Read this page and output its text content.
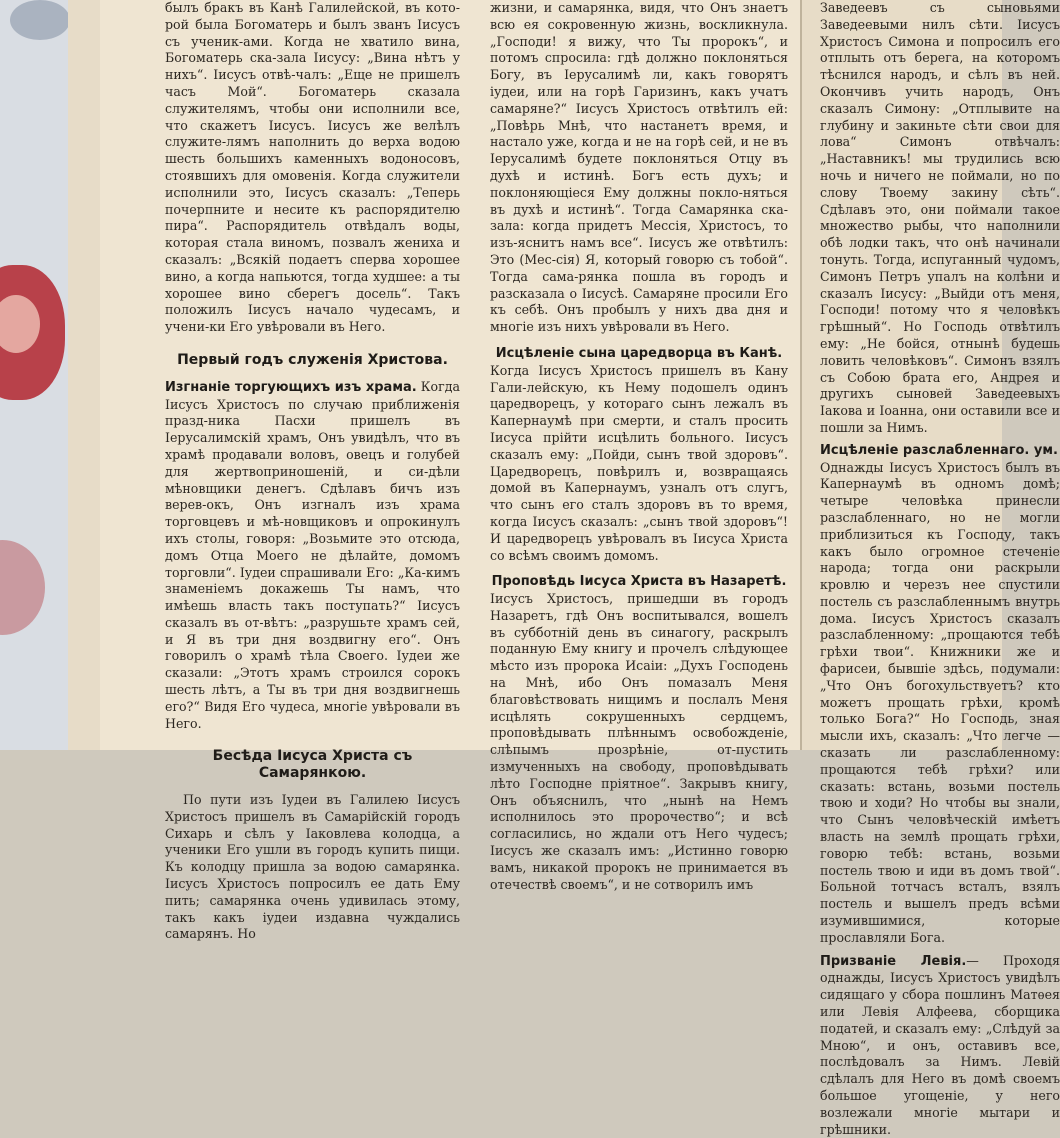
былъ бракъ въ Канѣ Галилейской, въ кото-рой была Богоматерь и былъ званъ Іисусъ съ ученик-ами. Когда не хватило вина, Богоматерь ска-зала Іисусу: „Вина нѣтъ у нихъ“. Іисусъ отвѣ-чалъ: „Еще не пришелъ часъ Мой“. Богоматерь сказала служителямъ, чтобы они исполнили все, что скажетъ Іисусъ. Іисусъ же велѣлъ служите-лямъ наполнить до верха водою шесть большихъ каменныхъ водоносовъ, стоявшихъ для омовенія. Когда служители исполнили это, Іисусъ сказалъ: „Теперь почерпните и несите къ распорядителю пира“. Распорядитель отвѣдалъ воды, которая стала виномъ, позвалъ жениха и сказалъ: „Всякій подаетъ сперва хорошее вино, а когда напьются, тогда худшее: а ты хорошее вино сберегъ досель“. Такъ положилъ Іисусъ начало чудесамъ, и учени-ки Его увѣровали въ Него.

Первый годъ служенія Христова.

Изгнаніе торгующихъ изъ храма. Когда Іисусъ Христосъ по случаю приближенія празд-ника Пасхи пришелъ въ Іерусалимскій храмъ, Онъ увидѣлъ, что въ храмѣ продавали воловъ, овецъ и голубей для жертвоприношеній, и си-дѣли мѣновщики денегъ. Сдѣлавъ бичъ изъ верев-окъ, Онъ изгналъ изъ храма торговцевъ и мѣ-новщиковъ и опрокинулъ ихъ столы, говоря: „Возьмите это отсюда, домъ Отца Моего не дѣлайте, домомъ торговли“. Іудеи спрашивали Его: „Ка-кимъ знаменіемъ докажешь Ты намъ, что имѣешь власть такъ поступать?“ Іисусъ сказалъ въ от-вѣтъ: „разрушьте храмъ сей, и Я въ три дня воздвигну его“. Онъ говорилъ о храмѣ тѣла Своего. Іудеи же сказали: „Этотъ храмъ строился сорокъ шесть лѣтъ, а Ты въ три дня воздвигнешь его?“ Видя Его чудеса, многіе увѣровали въ Него.

Бесѣда Іисуса Христа съ Самарянкою.

По пути изъ Іудеи въ Галилею Іисусъ Христосъ пришелъ въ Самарійскій городъ Сихарь и сѣлъ у Іаковлева колодца, а ученики Его ушли въ городъ купить пищи. Къ колодцу пришла за водою самарянка. Іисусъ Христосъ попросилъ ее дать Ему пить; самарянка очень удивилась этому, такъ какъ іудеи издавна чуждались самарянъ. Но

жизни, и самарянка, видя, что Онъ знаетъ всю ея сокровенную жизнь, воскликнула. „Господи! я вижу, что Ты пророкъ“, и потомъ спросила: гдѣ должно поклоняться Богу, въ Іерусалимѣ ли, какъ говорятъ іудеи, или на горѣ Гаризинъ, какъ учатъ самаряне?“ Іисусъ Христосъ отвѣтилъ ей: „Повѣрь Мнѣ, что настанетъ время, и настало уже, когда и не на горѣ сей, и не въ Іерусалимѣ будете поклоняться Отцу въ духѣ и истинѣ. Богъ есть духъ; и поклоняющіеся Ему должны покло-няться въ духѣ и истинѣ“. Тогда Самарянка ска-зала: когда придетъ Мессія, Христосъ, то изъ-яснитъ намъ все“. Іисусъ же отвѣтилъ: Это (Мес-сія) Я, который говорю съ тобой“. Тогда сама-рянка пошла въ городъ и разсказала о Іисусѣ. Самаряне просили Его къ себѣ. Онъ пробылъ у нихъ два дня и многіе изъ нихъ увѣровали въ Него.

Исцѣленіе сына царедворца въ Канѣ.

Когда Іисусъ Христосъ пришелъ въ Кану Гали-лейскую, къ Нему подошелъ одинъ царедворецъ, у котораго сынъ лежалъ въ Капернаумѣ при смерти, и сталъ просить Іисуса прійти исцѣлить больного. Іисусъ сказалъ ему: „Пойди, сынъ твой здоровъ“. Царедворецъ, повѣрилъ и, возвращаясь домой въ Капернаумъ, узналъ отъ слугъ, что сынъ его сталъ здоровъ въ то время, когда Іисусъ сказалъ: „сынъ твой здоровъ“! И царедворецъ увѣровалъ въ Іисуса Христа со всѣмъ своимъ домомъ.

Проповѣдь Іисуса Христа въ Назаретѣ.

Іисусъ Христосъ, пришедши въ городъ Назаретъ, гдѣ Онъ воспитывался, вошелъ въ субботній день въ синагогу, раскрылъ поданную Ему книгу и прочелъ слѣдующее мѣсто изъ пророка Исаіи: „Духъ Господень на Мнѣ, ибо Онъ помазалъ Меня благовѣствовать нищимъ и послалъ Меня исцѣлять сокрушенныхъ сердцемъ, проповѣдывать плѣннымъ освобожденіе, слѣпымъ прозрѣніе, от-пустить измученныхъ на свободу, проповѣдывать лѣто Господне пріятное“. Закрывъ книгу, Онъ объяснилъ, что „нынѣ на Немъ исполнилось это пророчество“; и всѣ согласились, но ждали отъ Него чудесъ; Іисусъ же сказалъ имъ: „Истинно говорю вамъ, никакой пророкъ не принимается въ отечествѣ своемъ“, и не сотворилъ имъ

Заведеевъ съ сыновьями Заведеевыми нилъ сѣти. Іисусъ Христосъ Симона и попросилъ его отплыть отъ берега, на которомъ тѣснился народъ, и сѣлъ въ ней. Окончивъ учить народъ, Онъ сказалъ Симону: „Отплывите на глубину и закиньте сѣти свои для лова“ Симонъ отвѣчалъ: „Наставникъ! мы трудились всю ночь и ничего не поймали, но по слову Твоему закину сѣть“. Сдѣлавъ это, они поймали такое множество рыбы, что наполнили обѣ лодки такъ, что онѣ начинали тонуть. Тогда, испуганный чудомъ, Симонъ Петръ упалъ на колѣни и сказалъ Іисусу: „Выйди отъ меня, Господи! потому что я человѣкъ грѣшный“. Но Господь отвѣтилъ ему: „Не бойся, отнынѣ будешь ловить человѣковъ“. Симонъ взялъ съ Собою брата его, Андрея и другихъ сыновей Заведеевыхъ Іакова и Іоанна, они оставили все и пошли за Нимъ.

Исцѣленіе разслабленнаго. ум.

Однажды Іисусъ Христосъ былъ въ Капернаумѣ въ одномъ домѣ; четыре человѣка принесли разслабленнаго, но не могли приблизиться къ Господу, такъ какъ было огромное стеченіе народа; тогда они раскрыли кровлю и черезъ нее спустили постель съ разслабленнымъ внутрь дома. Іисусъ Христосъ сказалъ разслабленному: „прощаются тебѣ грѣхи твои“. Книжники же и фарисеи, бывшіе здѣсь, подумали: „Что Онъ богохульствуетъ? кто можетъ прощать грѣхи, кромѣ только Бога?“ Но Господь, зная мысли ихъ, сказалъ: „Что легче — сказать ли разслабленному: прощаются тебѣ грѣхи? или сказать: встань, возьми постель твою и ходи? Но чтобы вы знали, что Сынъ человѣческій имѣетъ власть на землѣ прощать грѣхи, говорю тебѣ: встань, возьми постель твою и иди въ домъ твой“. Больной тотчасъ всталъ, взялъ постель и вышелъ предъ всѣми изумившимися, которые прославляли Бога.

Призваніе Левія.— Проходя однажды, Іисусъ Христосъ увидѣлъ сидящаго у сбора пошлинъ Матѳея или Левія Алфеева, сборщика податей, и сказалъ ему: „Слѣдуй за Мною“, и онъ, оставивъ все, послѣдовалъ за Нимъ. Левій сдѣлалъ для Него въ домѣ своемъ большое угощеніе, у него возлежали многіе мытари и грѣшники.
